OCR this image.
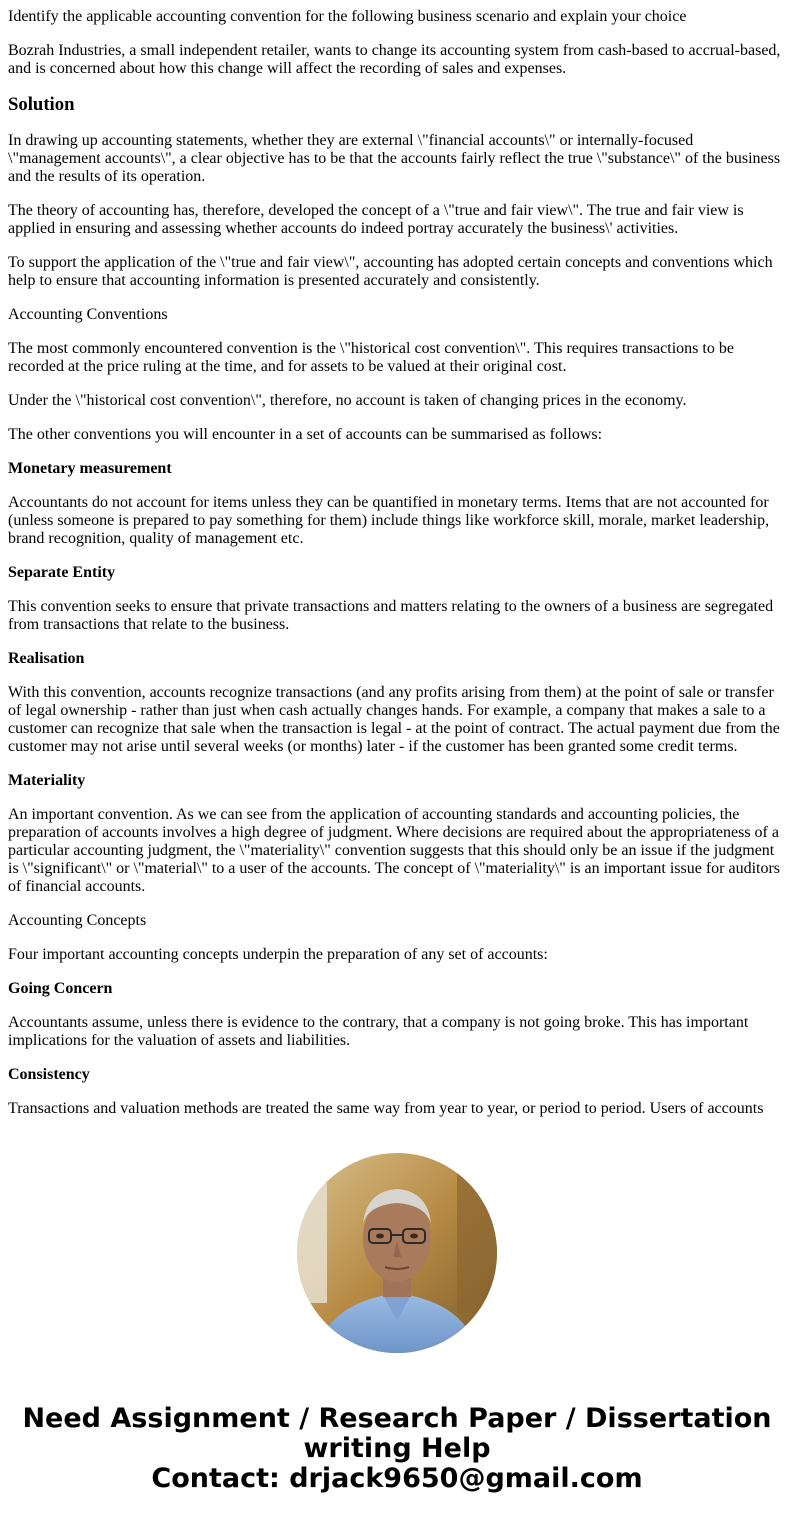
Identify the applicable accounting convention for the following business scenario and explain your choice

Bozrah Industries, a small independent retailer, wants to change its accounting system from cash-based to accrual-based, and is concerned about how this change will affect the recording of sales and expenses.

Solution

In drawing up accounting statements, whether they are external \"financial accounts\" or internally-focused \"management accounts\", a clear objective has to be that the accounts fairly reflect the true \"substance\" of the business and the results of its operation.

The theory of accounting has, therefore, developed the concept of a \"true and fair view\". The true and fair view is applied in ensuring and assessing whether accounts do indeed portray accurately the business\' activities.

To support the application of the \"true and fair view\", accounting has adopted certain concepts and conventions which help to ensure that accounting information is presented accurately and consistently.

Accounting Conventions

The most commonly encountered convention is the \"historical cost convention\". This requires transactions to be recorded at the price ruling at the time, and for assets to be valued at their original cost.

Under the \"historical cost convention\", therefore, no account is taken of changing prices in the economy.

The other conventions you will encounter in a set of accounts can be summarised as follows:

Monetary measurement

Accountants do not account for items unless they can be quantified in monetary terms. Items that are not accounted for (unless someone is prepared to pay something for them) include things like workforce skill, morale, market leadership, brand recognition, quality of management etc.

Separate Entity

This convention seeks to ensure that private transactions and matters relating to the owners of a business are segregated from transactions that relate to the business.

Realisation

With this convention, accounts recognize transactions (and any profits arising from them) at the point of sale or transfer of legal ownership - rather than just when cash actually changes hands. For example, a company that makes a sale to a customer can recognize that sale when the transaction is legal - at the point of contract. The actual payment due from the customer may not arise until several weeks (or months) later - if the customer has been granted some credit terms.

Materiality

An important convention. As we can see from the application of accounting standards and accounting policies, the preparation of accounts involves a high degree of judgment. Where decisions are required about the appropriateness of a particular accounting judgment, the \"materiality\" convention suggests that this should only be an issue if the judgment is \"significant\" or \"material\" to a user of the accounts. The concept of \"materiality\" is an important issue for auditors of financial accounts.

Accounting Concepts

Four important accounting concepts underpin the preparation of any set of accounts:

Going Concern

Accountants assume, unless there is evidence to the contrary, that a company is not going broke. This has important implications for the valuation of assets and liabilities.

Consistency

Transactions and valuation methods are treated the same way from year to year, or period to period. Users of accounts

Need Assignment / Research Paper / Dissertation
writing Help
Contact: drjack9650@gmail.com
